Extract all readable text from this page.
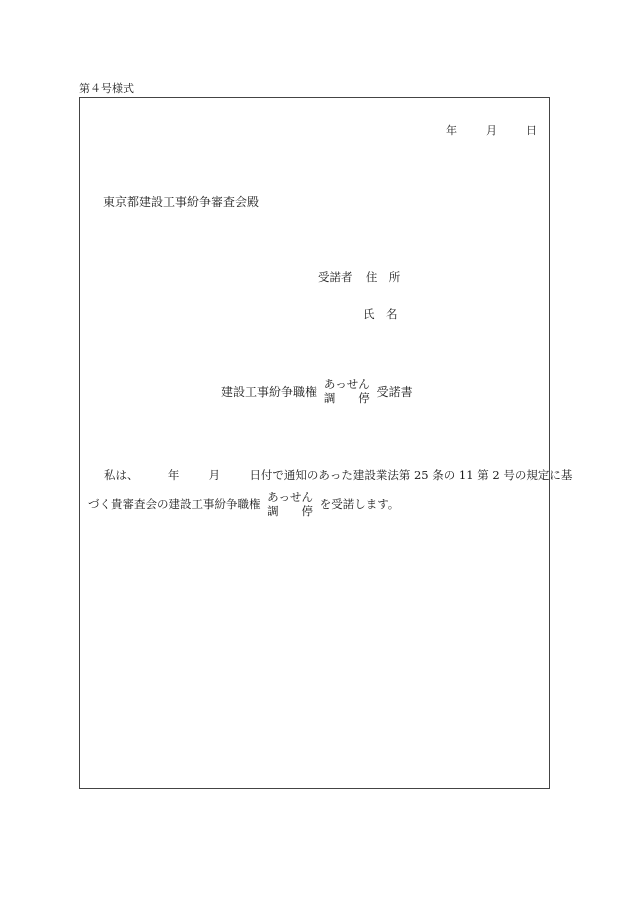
第４号様式
年	月	日
東京都建設工事紛争審査会殿
受諾者 住　所
氏　名
建設工事紛争職権
あっせん
調 停 受諾書
私は、	年	月	日付で通知のあった建設業法第 25 条の 11 第 2 号の規定に基
づく貴審査会の建設工事紛争職権 あっせん
調 停 を受諾します。
